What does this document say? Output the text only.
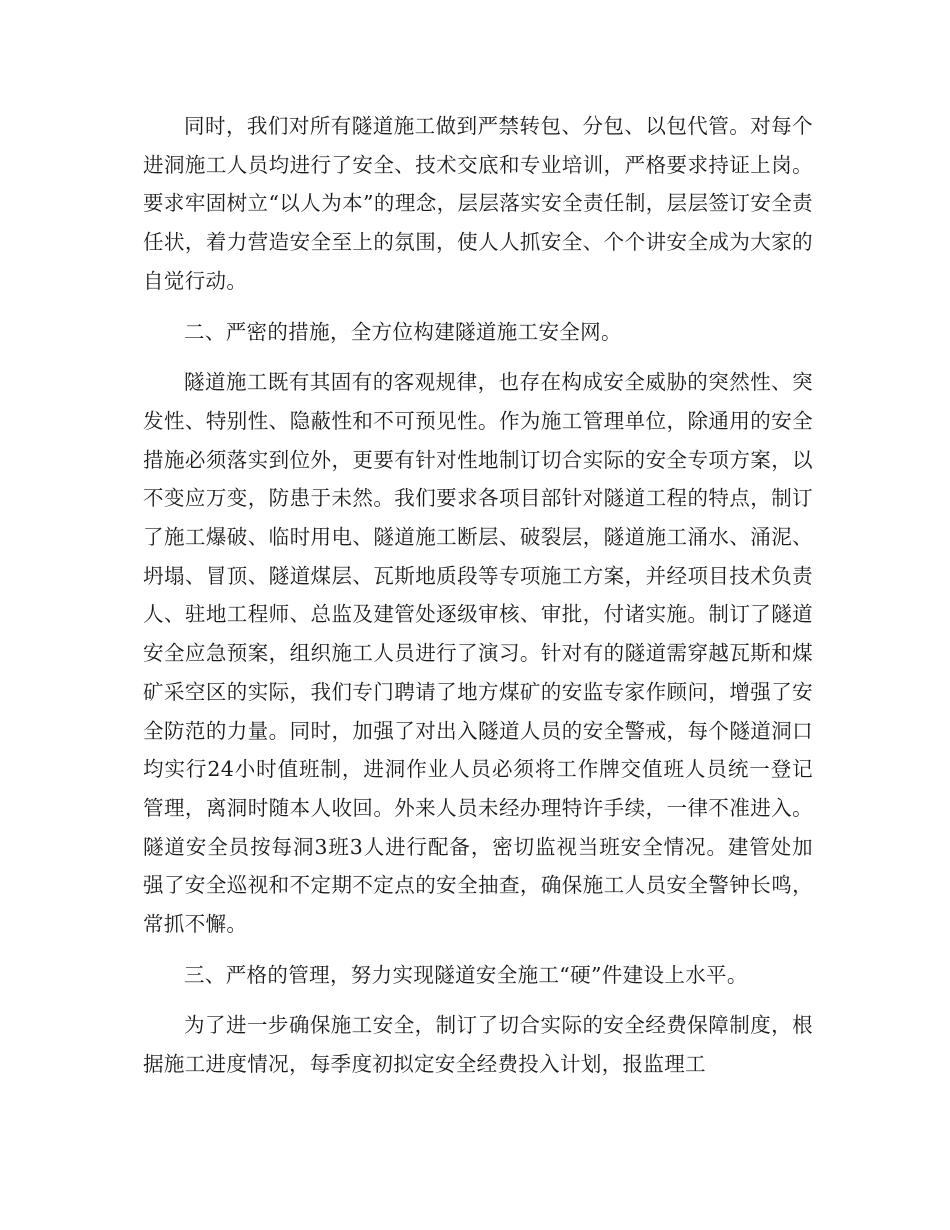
同时，我们对所有隧道施工做到严禁转包、分包、以包代管。对每个进洞施工人员均进行了安全、技术交底和专业培训，严格要求持证上岗。要求牢固树立“以人为本”的理念，层层落实安全责任制，层层签订安全责任状，着力营造安全至上的氛围，使人人抓安全、个个讲安全成为大家的自觉行动。

二、严密的措施，全方位构建隧道施工安全网。

隧道施工既有其固有的客观规律，也存在构成安全威胁的突然性、突发性、特别性、隐蔽性和不可预见性。作为施工管理单位，除通用的安全措施必须落实到位外，更要有针对性地制订切合实际的安全专项方案，以不变应万变，防患于未然。我们要求各项目部针对隧道工程的特点，制订了施工爆破、临时用电、隧道施工断层、破裂层，隧道施工涌水、涌泥、坍塌、冒顶、隧道煤层、瓦斯地质段等专项施工方案，并经项目技术负责人、驻地工程师、总监及建管处逐级审核、审批，付诸实施。制订了隧道安全应急预案，组织施工人员进行了演习。针对有的隧道需穿越瓦斯和煤矿采空区的实际，我们专门聘请了地方煤矿的安监专家作顾问，增强了安全防范的力量。同时，加强了对出入隧道人员的安全警戒，每个隧道洞口均实行24小时值班制，进洞作业人员必须将工作牌交值班人员统一登记管理，离洞时随本人收回。外来人员未经办理特许手续，一律不准进入。隧道安全员按每洞3班3人进行配备，密切监视当班安全情况。建管处加强了安全巡视和不定期不定点的安全抽查，确保施工人员安全警钟长鸣，常抓不懈。

三、严格的管理，努力实现隧道安全施工“硬”件建设上水平。

为了进一步确保施工安全，制订了切合实际的安全经费保障制度，根据施工进度情况，每季度初拟定安全经费投入计划，报监理工
